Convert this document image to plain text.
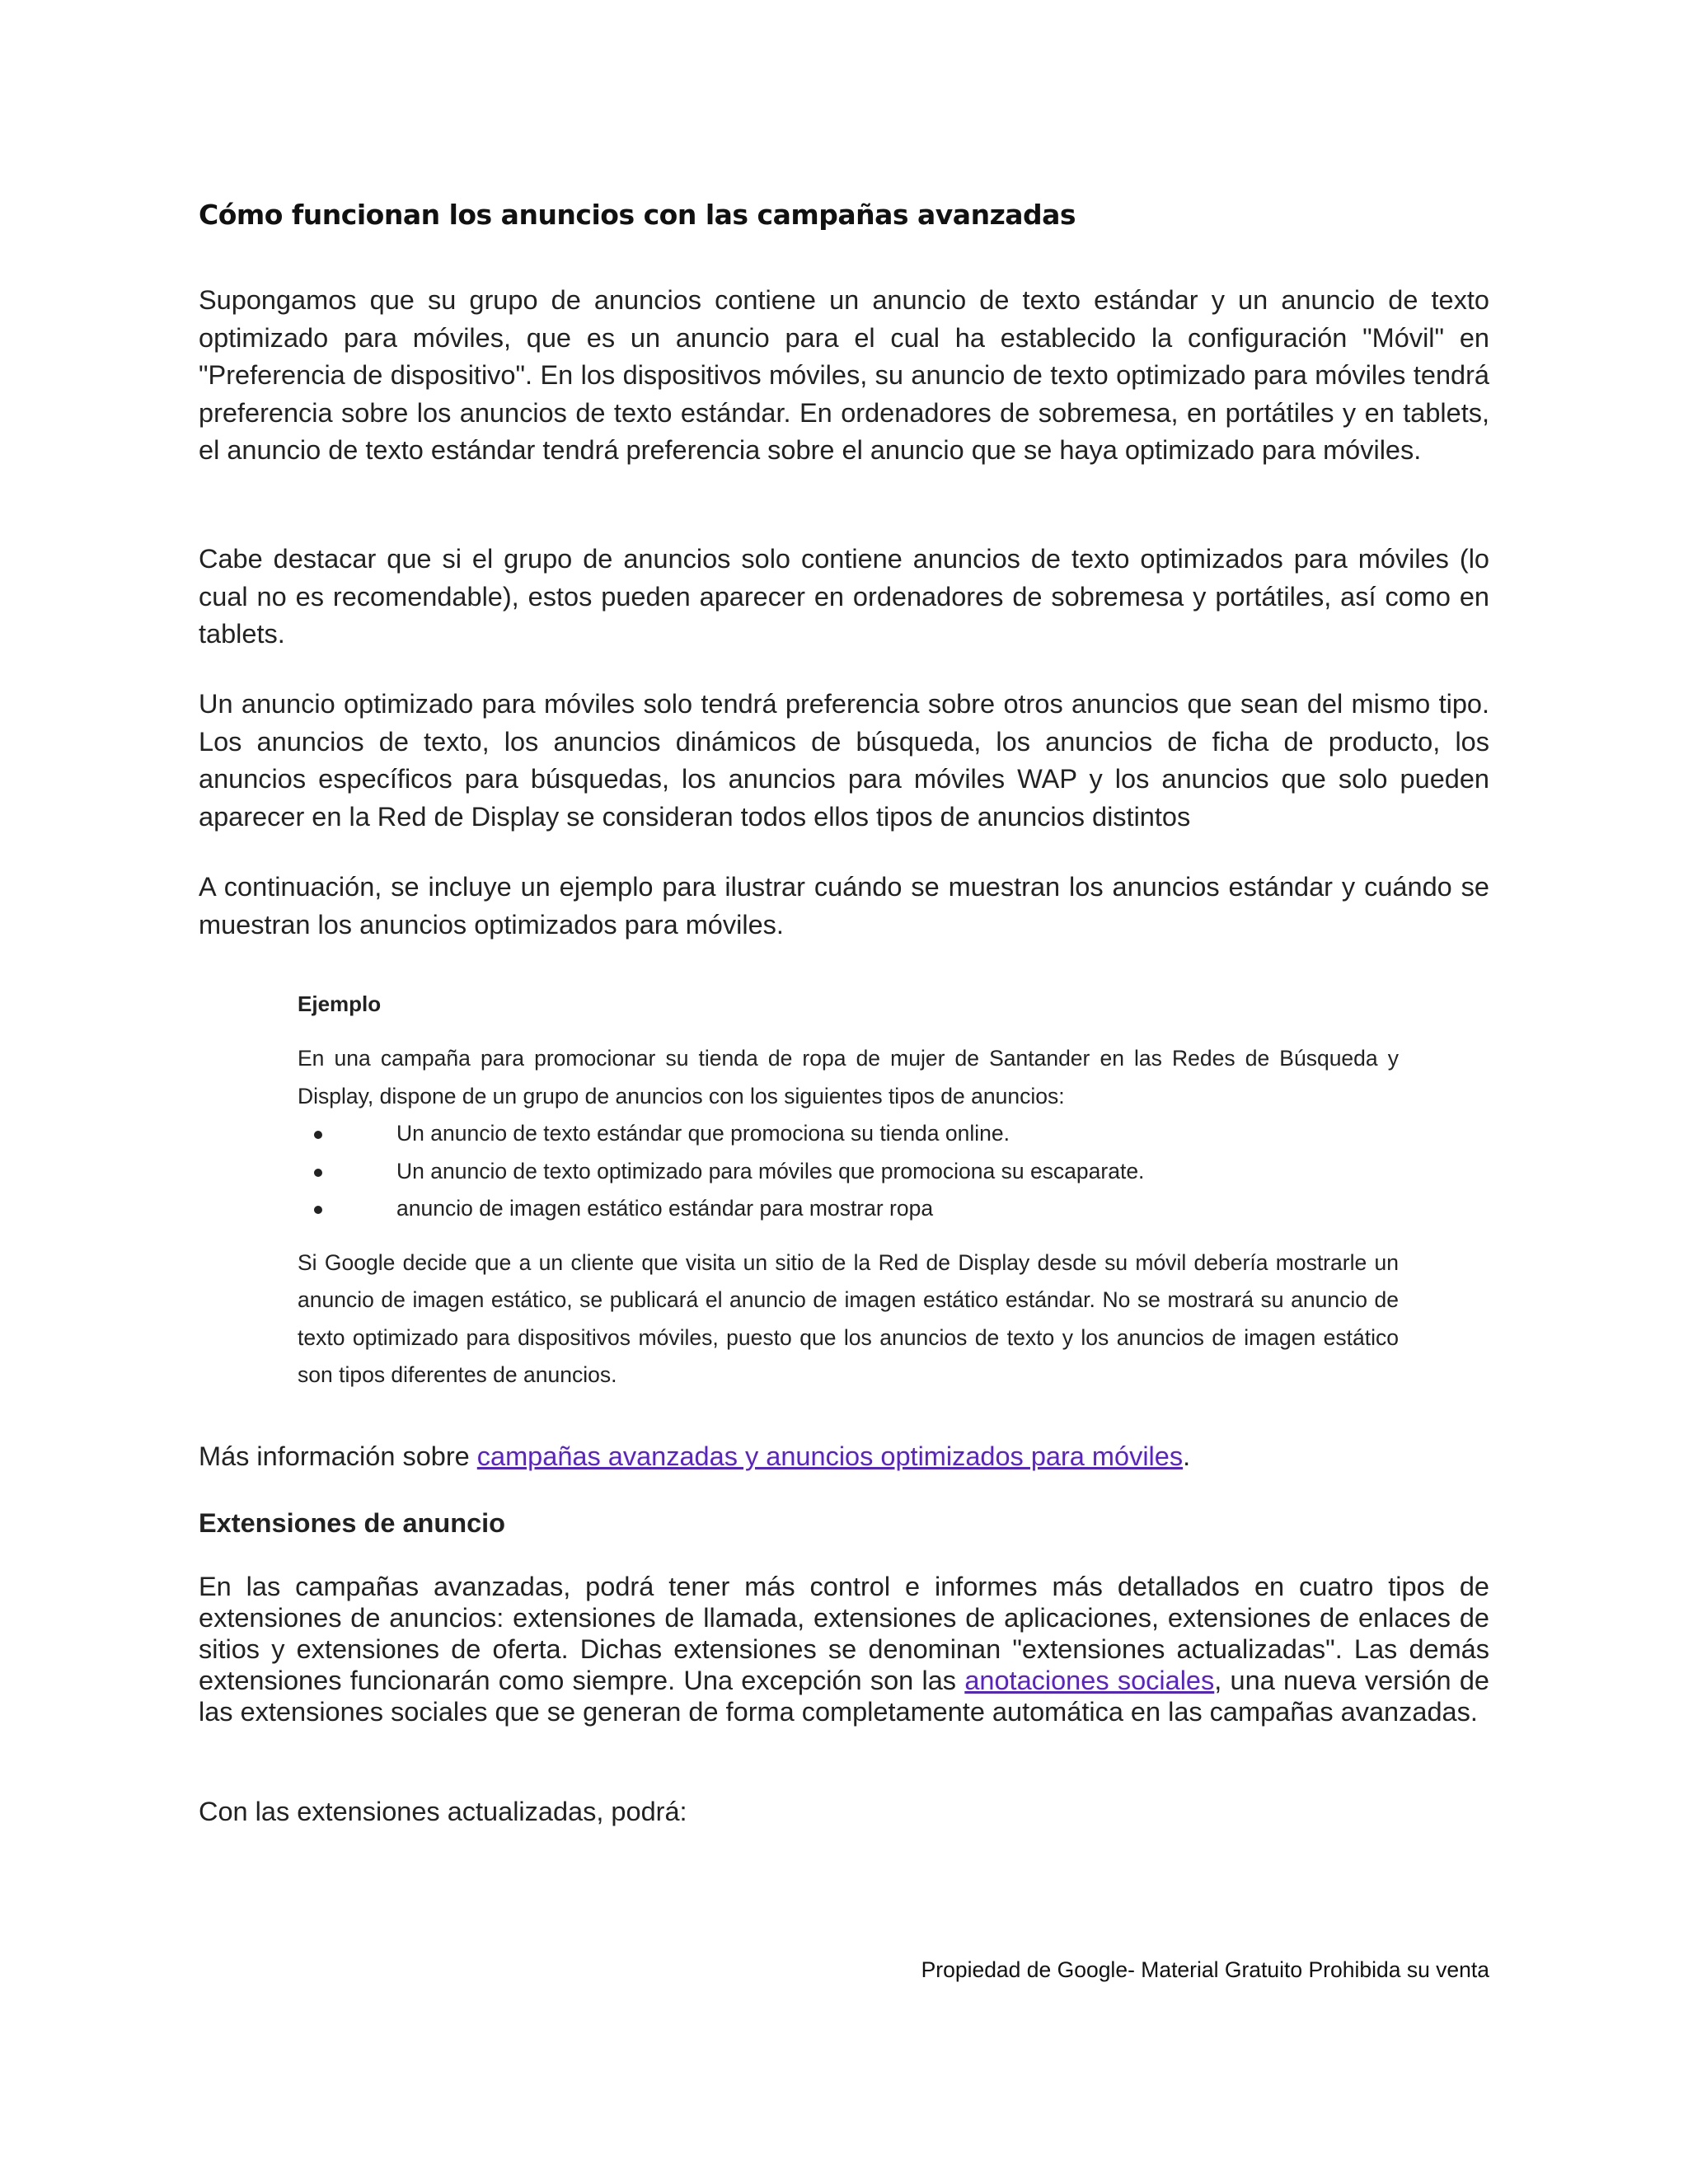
Cómo funcionan los anuncios con las campañas avanzadas

Supongamos que su grupo de anuncios contiene un anuncio de texto estándar y un anuncio de texto optimizado para móviles, que es un anuncio para el cual ha establecido la configuración "Móvil" en "Preferencia de dispositivo". En los dispositivos móviles, su anuncio de texto optimizado para móviles tendrá preferencia sobre los anuncios de texto estándar. En ordenadores de sobremesa, en portátiles y en tablets, el anuncio de texto estándar tendrá preferencia sobre el anuncio que se haya optimizado para móviles.

Cabe destacar que si el grupo de anuncios solo contiene anuncios de texto optimizados para móviles (lo cual no es recomendable), estos pueden aparecer en ordenadores de sobremesa y portátiles, así como en tablets.

Un anuncio optimizado para móviles solo tendrá preferencia sobre otros anuncios que sean del mismo tipo. Los anuncios de texto, los anuncios dinámicos de búsqueda, los anuncios de ficha de producto, los anuncios específicos para búsquedas, los anuncios para móviles WAP y los anuncios que solo pueden aparecer en la Red de Display se consideran todos ellos tipos de anuncios distintos

A continuación, se incluye un ejemplo para ilustrar cuándo se muestran los anuncios estándar y cuándo se muestran los anuncios optimizados para móviles.

Ejemplo

En una campaña para promocionar su tienda de ropa de mujer de Santander en las Redes de Búsqueda y Display, dispone de un grupo de anuncios con los siguientes tipos de anuncios:

Un anuncio de texto estándar que promociona su tienda online.
Un anuncio de texto optimizado para móviles que promociona su escaparate.
anuncio de imagen estático estándar para mostrar ropa

Si Google decide que a un cliente que visita un sitio de la Red de Display desde su móvil debería mostrarle un anuncio de imagen estático, se publicará el anuncio de imagen estático estándar. No se mostrará su anuncio de texto optimizado para dispositivos móviles, puesto que los anuncios de texto y los anuncios de imagen estático son tipos diferentes de anuncios.

Más información sobre campañas avanzadas y anuncios optimizados para móviles.

Extensiones de anuncio

En las campañas avanzadas, podrá tener más control e informes más detallados en cuatro tipos de extensiones de anuncios: extensiones de llamada, extensiones de aplicaciones, extensiones de enlaces de sitios y extensiones de oferta. Dichas extensiones se denominan "extensiones actualizadas". Las demás extensiones funcionarán como siempre. Una excepción son las anotaciones sociales, una nueva versión de las extensiones sociales que se generan de forma completamente automática en las campañas avanzadas.

Con las extensiones actualizadas, podrá:

Propiedad de Google- Material Gratuito Prohibida su venta
